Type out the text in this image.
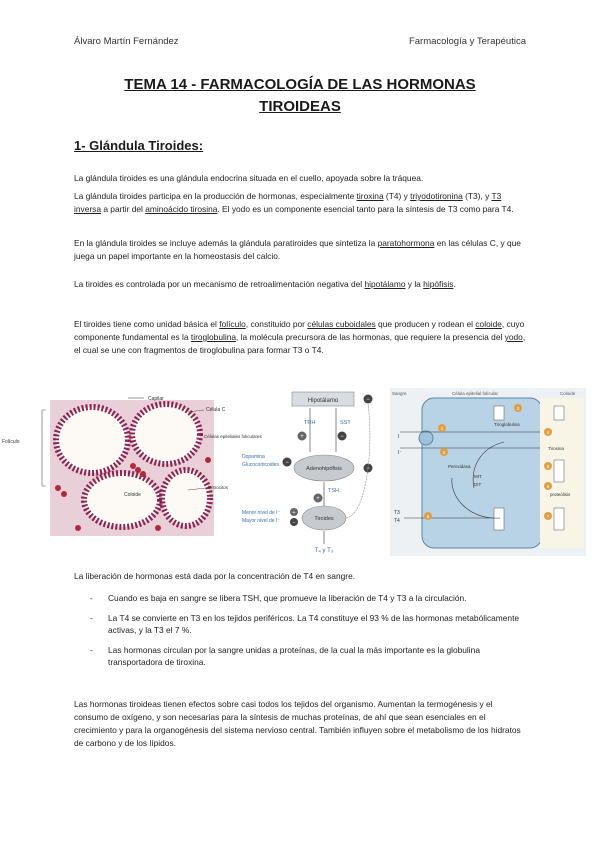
Álvaro Martín Fernández	Farmacología y Terapéutica
TEMA 14 - FARMACOLOGÍA DE LAS HORMONAS
TIROIDEAS
1- Glándula Tiroides:
La glándula tiroides es una glándula endocrina situada en el cuello, apoyada sobre la tráquea.
La glándula tiroides participa en la producción de hormonas, especialmente tiroxina (T4) y triyodotironina (T3), y T3 inversa a partir del aminoácido tirosina. El yodo es un componente esencial tanto para la síntesis de T3 como para T4.
En la glándula tiroides se incluye además la glándula paratiroides que sintetiza la paratohormona en las células C, y que juega un papel importante en la homeostasis del calcio.
La tiroides es controlada por un mecanismo de retroalimentación negativa del hipotálamo y la hipófisis.
El tiroides tiene como unidad básica el folículo, constituido por células cuboidales que producen y rodean el coloide, cuyo componente fundamental es la tiroglobulina, la molécula precursora de las hormonas, que requiere la presencia del yodo, el cual se une con fragmentos de tiroglobulina para formar T3 o T4.
Capilar
Célula C
Folículo
Células epiteliales foliculares
Coloide
Eritrocitos
Hipotálamo	−
TRH	SST
+	−
Adenohipófisis
Dopamina
Glucocorticoides −
−
TSH
+
Tiroides
Menor nivel de I⁻
Mayor nivel de I⁻
+
−
T₄ y T₃
Sangre	Célula epitelial folicular	Coloide
I
I⁻
Tiroglobulina
Tirosina
Peroxidasa
proteólisis
MIT
DIT
T3
T4
1
2
3
4
5
6
7
8
La liberación de hormonas está dada por la concentración de T4 en sangre.
- Cuando es baja en sangre se libera TSH, que promueve la liberación de T4 y T3 a la circulación.
- La T4 se convierte en T3 en los tejidos periféricos. La T4 constituye el 93 % de las hormonas metabólicamente activas, y la T3 el 7 %.
- Las hormonas circulan por la sangre unidas a proteínas, de la cual la más importante es la globulina transportadora de tiroxina.
Las hormonas tiroideas tienen efectos sobre casi todos los tejidos del organismo. Aumentan la termogénesis y el consumo de oxígeno, y son necesarias para la síntesis de muchas proteínas, de ahí que sean esenciales en el crecimiento y para la organogénesis del sistema nervioso central. También influyen sobre el metabolismo de los hidratos de carbono y de los lípidos.
